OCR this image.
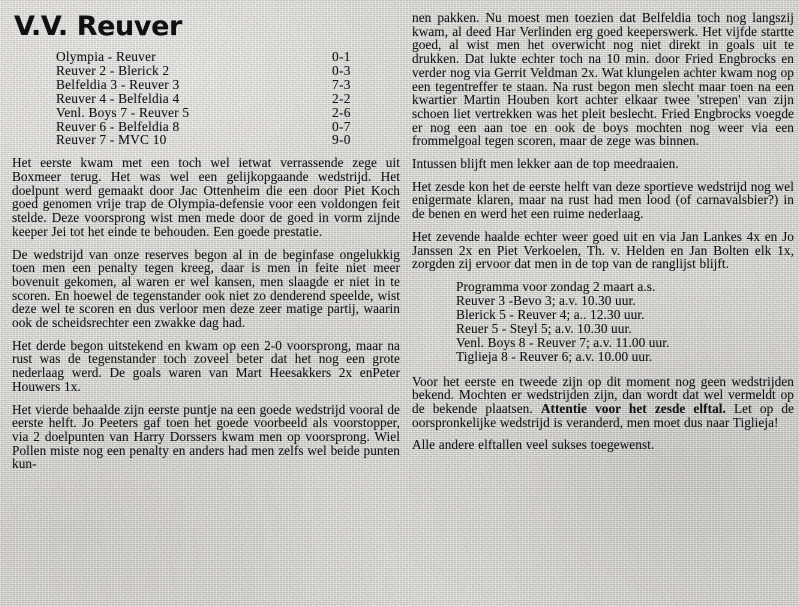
V.V. Reuver
Olympia - Reuver	0-1
Reuver 2 - Blerick 2	0-3
Belfeldia 3 - Reuver 3	7-3
Reuver 4 - Belfeldia 4	2-2
Venl. Boys 7 - Reuver 5	2-6
Reuver 6 - Belfeldia 8	0-7
Reuver 7 - MVC 10	9-0

Het eerste kwam met een toch wel ietwat verrassende zege uit Boxmeer terug. Het was wel een gelijkopgaande wedstrijd. Het doelpunt werd gemaakt door Jac Ottenheim die een door Piet Koch goed genomen vrije trap de Olympia-defensie voor een voldongen feit stelde. Deze voorsprong wist men mede door de goed in vorm zijnde keeper Jei tot het einde te behouden. Een goede prestatie.

De wedstrijd van onze reserves begon al in de beginfase ongelukkig toen men een penalty tegen kreeg, daar is men in feite niet meer bovenuit gekomen, al waren er wel kansen, men slaagde er niet in te scoren. En hoewel de tegenstander ook niet zo denderend speelde, wist deze wel te scoren en dus verloor men deze zeer matige partij, waarin ook de scheidsrechter een zwakke dag had.

Het derde begon uitstekend en kwam op een 2-0 voorsprong, maar na rust was de tegenstander toch zoveel beter dat het nog een grote nederlaag werd. De goals waren van Mart Heesakkers 2x enPeter Houwers 1x.

Het vierde behaalde zijn eerste puntje na een goede wedstrijd vooral de eerste helft. Jo Peeters gaf toen het goede voorbeeld als voorstopper, via 2 doelpunten van Harry Dorssers kwam men op voorsprong. Wiel Pollen miste nog een penalty en anders had men zelfs wel beide punten kun-

nen pakken. Nu moest men toezien dat Belfeldia toch nog langszij kwam, al deed Har Verlinden erg goed keeperswerk. Het vijfde startte goed, al wist men het overwicht nog niet direkt in goals uit te drukken. Dat lukte echter toch na 10 min. door Fried Engbrocks en verder nog via Gerrit Veldman 2x. Wat klungelen achter kwam nog op een tegentreffer te staan. Na rust begon men slecht maar toen na een kwartier Martin Houben kort achter elkaar twee 'strepen' van zijn schoen liet vertrekken was het pleit beslecht. Fried Engbrocks voegde er nog een aan toe en ook de boys mochten nog weer via een frommelgoal tegen scoren, maar de zege was binnen.

Intussen blijft men lekker aan de top meedraaien.

Het zesde kon het de eerste helft van deze sportieve wedstrijd nog wel enigermate klaren, maar na rust had men lood (of carnavalsbier?) in de benen en werd het een ruime nederlaag.

Het zevende haalde echter weer goed uit en via Jan Lankes 4x en Jo Janssen 2x en Piet Verkoelen, Th. v. Helden en Jan Bolten elk 1x, zorgden zij ervoor dat men in de top van de ranglijst blijft.

Programma voor zondag 2 maart a.s.
Reuver 3 -Bevo 3; a.v. 10.30 uur.
Blerick 5 - Reuver 4; a.. 12.30 uur.
Reuer 5 - Steyl 5; a.v. 10.30 uur.
Venl. Boys 8 - Reuver 7; a.v. 11.00 uur.
Tiglieja 8 - Reuver 6; a.v. 10.00 uur.

Voor het eerste en tweede zijn op dit moment nog geen wedstrijden bekend. Mochten er wedstrijden zijn, dan wordt dat wel vermeldt op de bekende plaatsen. Attentie voor het zesde elftal. Let op de oorspronkelijke wedstrijd is veranderd, men moet dus naar Tiglieja!

Alle andere elftallen veel sukses toegewenst.
